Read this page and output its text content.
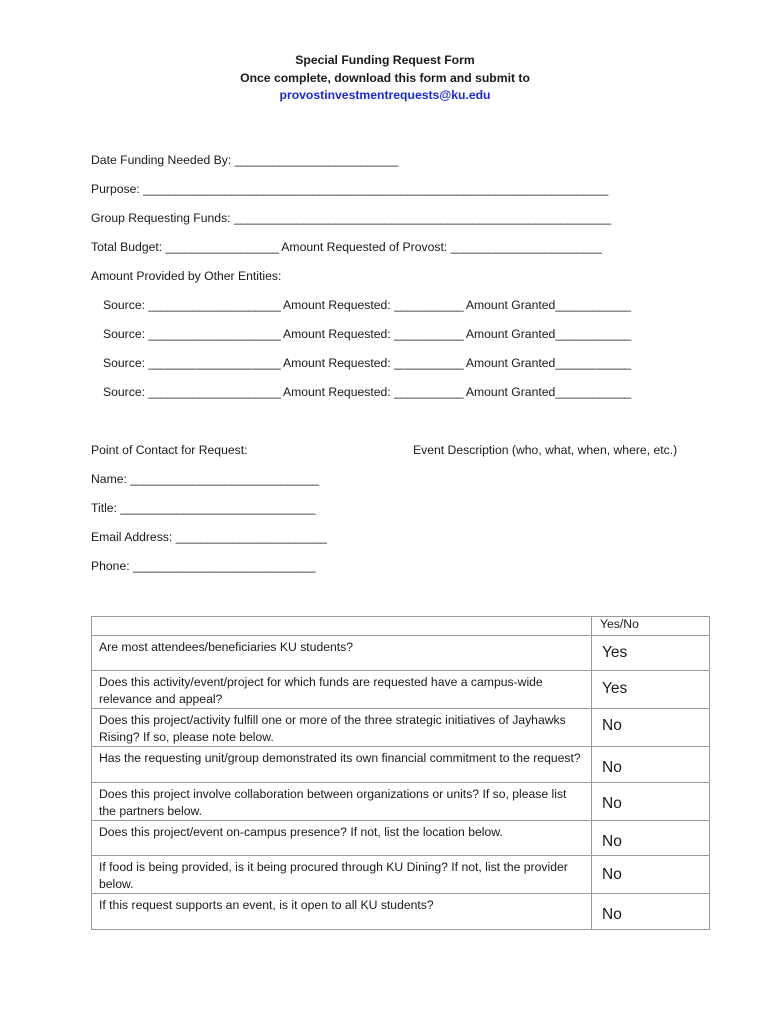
Special Funding Request Form
Once complete, download this form and submit to
provostinvestmentrequests@ku.edu
Date Funding Needed By: __________________________
Purpose: __________________________________________________________________________
Group Requesting Funds: ____________________________________________________________
Total Budget: __________________ Amount Requested of Provost: ________________________
Amount Provided by Other Entities:
Source: _____________________ Amount Requested: ___________ Amount Granted____________
Source: _____________________ Amount Requested: ___________ Amount Granted____________
Source: _____________________ Amount Requested: ___________ Amount Granted____________
Source: _____________________ Amount Requested: ___________ Amount Granted____________
Point of Contact for Request:	Event Description (who, what, when, where, etc.)
Name: ______________________________
Title: _______________________________
Email Address: ________________________
Phone: _____________________________
	Yes/No
Are most attendees/beneficiaries KU students?	Yes
Does this activity/event/project for which funds are requested have a campus-wide relevance and appeal?	Yes
Does this project/activity fulfill one or more of the three strategic initiatives of Jayhawks Rising? If so, please note below.	No
Has the requesting unit/group demonstrated its own financial commitment to the request?	No
Does this project involve collaboration between organizations or units? If so, please list the partners below.	No
Does this project/event on-campus presence? If not, list the location below.	No
If food is being provided, is it being procured through KU Dining? If not, list the provider below.	No
If this request supports an event, is it open to all KU students?	No
